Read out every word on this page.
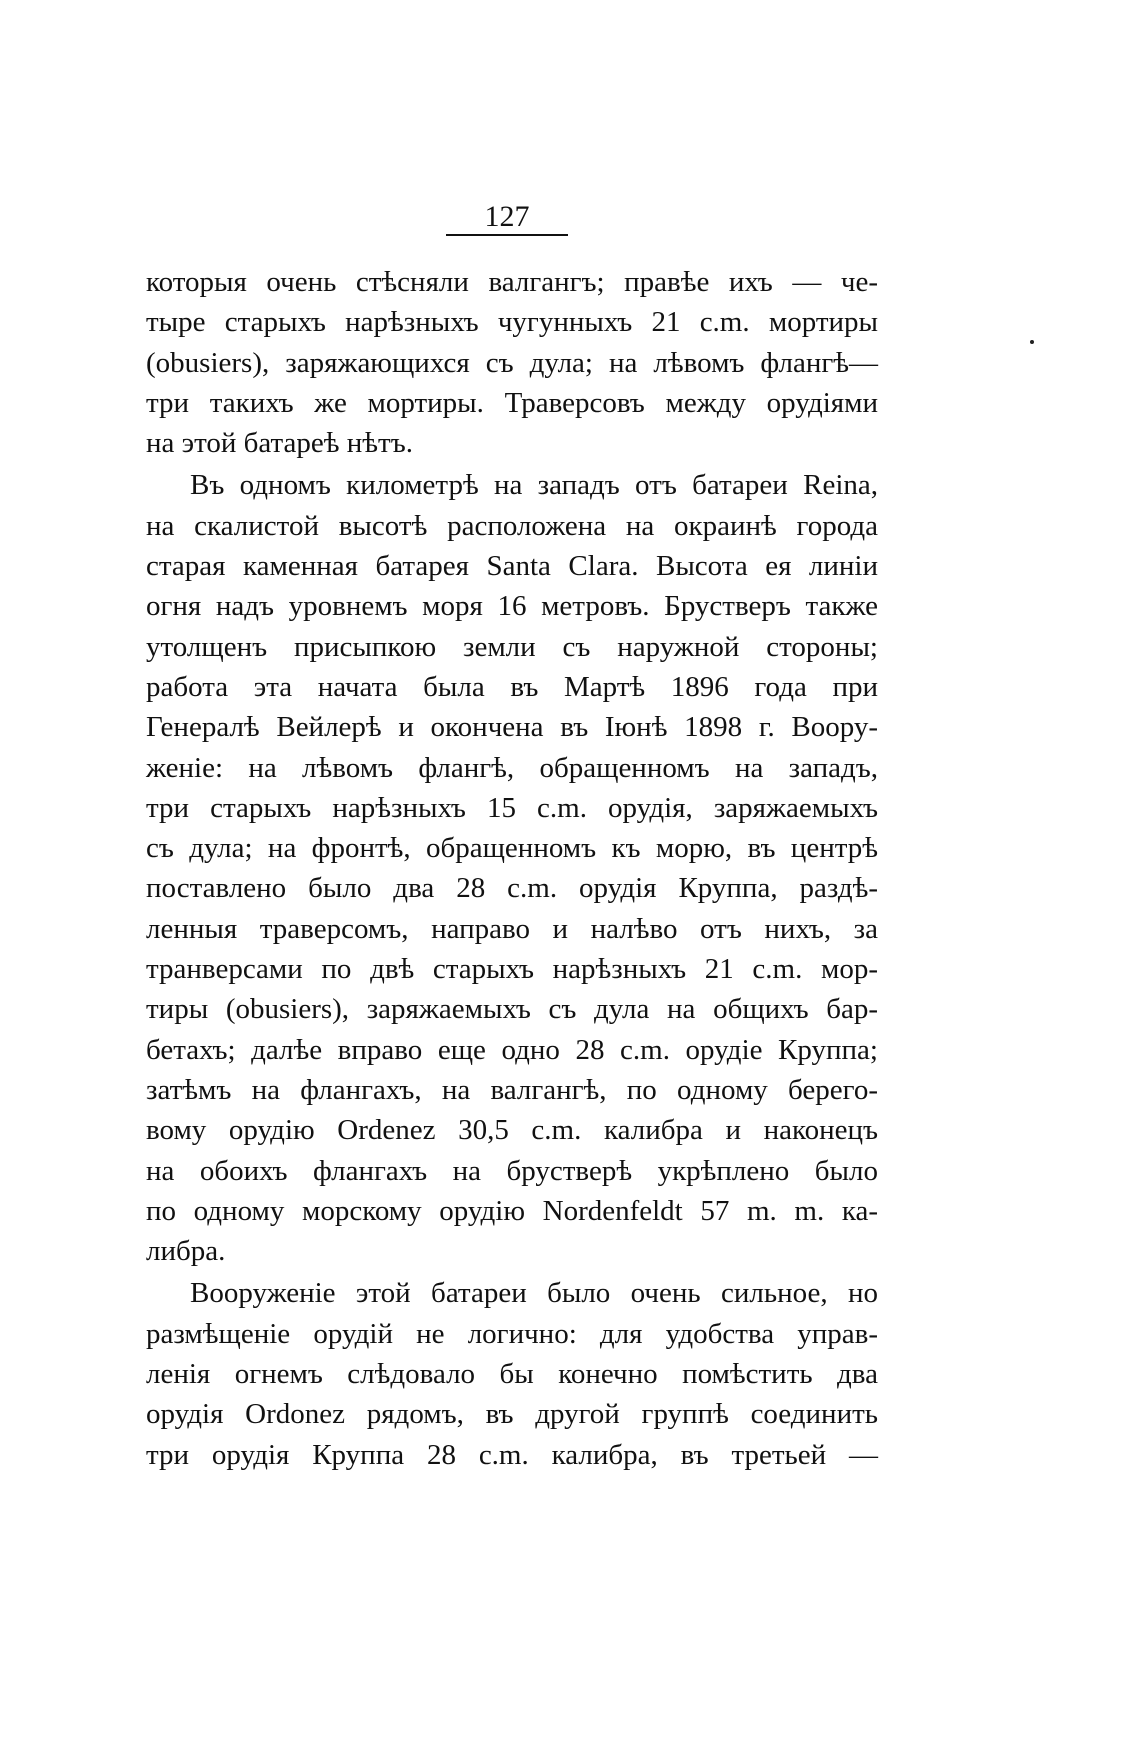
127
которыя очень стѣсняли валгангъ; правѣе ихъ — че-
тыре старыхъ нарѣзныхъ чугунныхъ 21 c.m. мортиры
(obusiers), заряжающихся съ дула; на лѣвомъ флангѣ—
три такихъ же мортиры. Траверсовъ между орудіями
на этой батареѣ нѣтъ.
Въ одномъ километрѣ на западъ отъ батареи Reina,
на скалистой высотѣ расположена на окраинѣ города
старая каменная батарея Santa Clara. Высота ея линіи
огня надъ уровнемъ моря 16 метровъ. Брустверъ также
утолщенъ присыпкою земли съ наружной стороны;
работа эта начата была въ Мартѣ 1896 года при
Генералѣ Вейлерѣ и окончена въ Іюнѣ 1898 г. Воору-
женіе: на лѣвомъ флангѣ, обращенномъ на западъ,
три старыхъ нарѣзныхъ 15 c.m. орудія, заряжаемыхъ
съ дула; на фронтѣ, обращенномъ къ морю, въ центрѣ
поставлено было два 28 c.m. орудія Круппа, раздѣ-
ленныя траверсомъ, направо и налѣво отъ нихъ, за
транверсами по двѣ старыхъ нарѣзныхъ 21 c.m. мор-
тиры (obusiers), заряжаемыхъ съ дула на общихъ бар-
бетахъ; далѣе вправо еще одно 28 c.m. орудіе Круппа;
затѣмъ на флангахъ, на валгангѣ, по одному берего-
вому орудію Ordenez 30,5 c.m. калибра и наконецъ
на обоихъ флангахъ на брустверѣ укрѣплено было
по одному морскому орудію Nordenfeldt 57 m. m. ка-
либра.
Вооруженіе этой батареи было очень сильное, но
размѣщеніе орудій не логично: для удобства управ-
ленія огнемъ слѣдовало бы конечно помѣстить два
орудія Ordonez рядомъ, въ другой группѣ соединить
три орудія Круппа 28 c.m. калибра, въ третьей —
